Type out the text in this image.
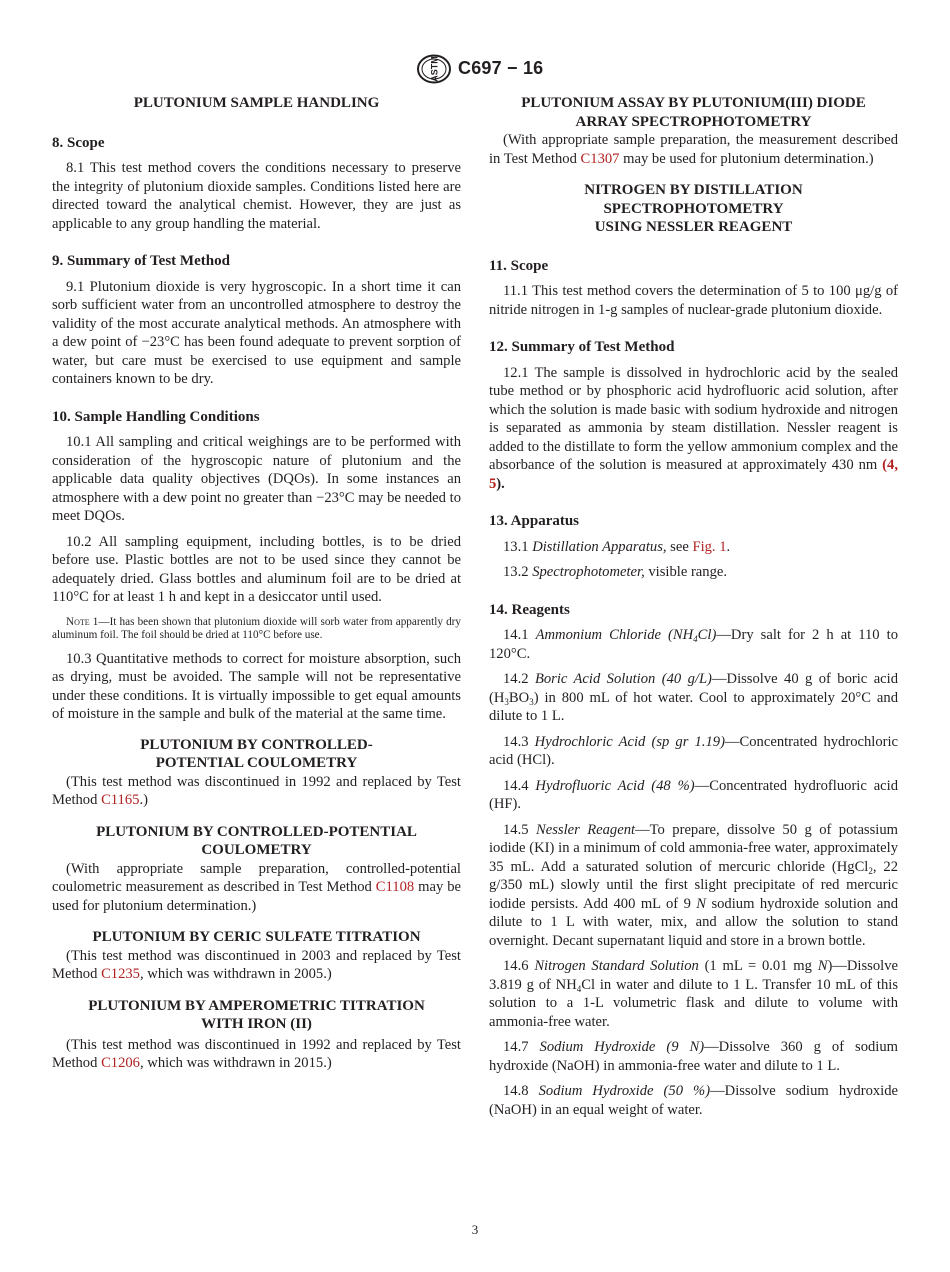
ASTM C697 − 16

PLUTONIUM SAMPLE HANDLING

8. Scope

8.1 This test method covers the conditions necessary to preserve the integrity of plutonium dioxide samples. Conditions listed here are directed toward the analytical chemist. However, they are just as applicable to any group handling the material.

9. Summary of Test Method

9.1 Plutonium dioxide is very hygroscopic. In a short time it can sorb sufficient water from an uncontrolled atmosphere to destroy the validity of the most accurate analytical methods. An atmosphere with a dew point of −23°C has been found adequate to prevent sorption of water, but care must be exercised to use equipment and sample containers known to be dry.

10. Sample Handling Conditions

10.1 All sampling and critical weighings are to be performed with consideration of the hygroscopic nature of plutonium and the applicable data quality objectives (DQOs). In some instances an atmosphere with a dew point no greater than −23°C may be needed to meet DQOs.

10.2 All sampling equipment, including bottles, is to be dried before use. Plastic bottles are not to be used since they cannot be adequately dried. Glass bottles and aluminum foil are to be dried at 110°C for at least 1 h and kept in a desiccator until used.

Note 1—It has been shown that plutonium dioxide will sorb water from apparently dry aluminum foil. The foil should be dried at 110°C before use.

10.3 Quantitative methods to correct for moisture absorption, such as drying, must be avoided. The sample will not be representative under these conditions. It is virtually impossible to get equal amounts of moisture in the sample and bulk of the material at the same time.

PLUTONIUM BY CONTROLLED-
POTENTIAL COULOMETRY

(This test method was discontinued in 1992 and replaced by Test Method C1165.)

PLUTONIUM BY CONTROLLED-POTENTIAL
COULOMETRY

(With appropriate sample preparation, controlled-potential coulometric measurement as described in Test Method C1108 may be used for plutonium determination.)

PLUTONIUM BY CERIC SULFATE TITRATION

(This test method was discontinued in 2003 and replaced by Test Method C1235, which was withdrawn in 2005.)

PLUTONIUM BY AMPEROMETRIC TITRATION
WITH IRON (II)

(This test method was discontinued in 1992 and replaced by Test Method C1206, which was withdrawn in 2015.)

PLUTONIUM ASSAY BY PLUTONIUM(III) DIODE
ARRAY SPECTROPHOTOMETRY

(With appropriate sample preparation, the measurement described in Test Method C1307 may be used for plutonium determination.)

NITROGEN BY DISTILLATION
SPECTROPHOTOMETRY
USING NESSLER REAGENT

11. Scope

11.1 This test method covers the determination of 5 to 100 μg/g of nitride nitrogen in 1-g samples of nuclear-grade plutonium dioxide.

12. Summary of Test Method

12.1 The sample is dissolved in hydrochloric acid by the sealed tube method or by phosphoric acid hydrofluoric acid solution, after which the solution is made basic with sodium hydroxide and nitrogen is separated as ammonia by steam distillation. Nessler reagent is added to the distillate to form the yellow ammonium complex and the absorbance of the solution is measured at approximately 430 nm (4, 5).

13. Apparatus

13.1 Distillation Apparatus, see Fig. 1.

13.2 Spectrophotometer, visible range.

14. Reagents

14.1 Ammonium Chloride $(NH_4Cl)—Dry$ salt for 2 h at 110 to 120°C.

14.2 Boric Acid Solution (40 g/L)—Dissolve 40 g of boric acid $(H_3BO_3)$ in 800 mL of hot water. Cool to approximately 20°C and dilute to 1 L.

14.3 Hydrochloric Acid (sp gr 1.19)—Concentrated hydrochloric acid (HCl).

14.4 Hydrofluoric Acid (48 %)—Concentrated hydrofluoric acid (HF).

14.5 Nessler Reagent—To prepare, dissolve 50 g of potassium iodide (KI) in a minimum of cold ammonia-free water, approximately 35 mL. Add a saturated solution of mercuric chloride (HgCl$_2$, 22 g/350 mL) slowly until the first slight precipitate of red mercuric iodide persists. Add 400 mL of 9 N sodium hydroxide solution and dilute to 1 L with water, mix, and allow the solution to stand overnight. Decant supernatant liquid and store in a brown bottle.

14.6 Nitrogen Standard Solution (1 mL = 0.01 mg N)—Dissolve 3.819 g of $NH_4Cl$ in water and dilute to 1 L. Transfer 10 mL of this solution to a 1-L volumetric flask and dilute to volume with ammonia-free water.

14.7 Sodium Hydroxide (9 N)—Dissolve 360 g of sodium hydroxide (NaOH) in ammonia-free water and dilute to 1 L.

14.8 Sodium Hydroxide (50 %)—Dissolve sodium hydroxide (NaOH) in an equal weight of water.

3
